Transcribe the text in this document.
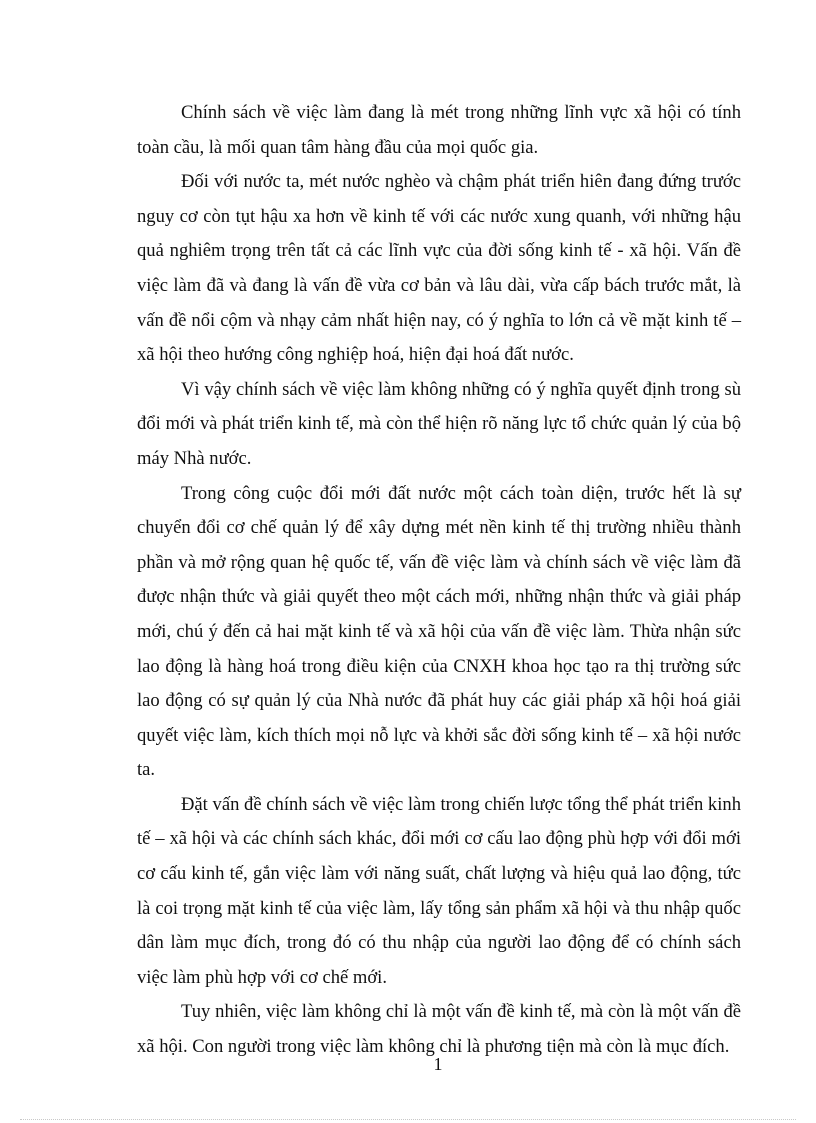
Chính sách về việc làm đang là mét trong những lĩnh vực xã hội có tính toàn cầu, là mối quan tâm hàng đầu của mọi quốc gia.

Đối với nước ta, mét nước nghèo và chậm phát triển hiên đang đứng trước nguy cơ còn tụt hậu xa hơn về kinh tế với các nước xung quanh, với những hậu quả nghiêm trọng trên tất cả các lĩnh vực của đời sống kinh tế - xã hội. Vấn đề việc làm đã và đang là vấn đề vừa cơ bản và lâu dài, vừa cấp bách trước mắt, là vấn đề nổi cộm và nhạy cảm nhất hiện nay, có ý nghĩa to lớn cả về mặt kinh tế – xã hội theo hướng công nghiệp hoá, hiện đại hoá đất nước.

Vì vậy chính sách về việc làm không những có ý nghĩa quyết định trong sù đổi mới và phát triển kinh tế, mà còn thể hiện rõ năng lực tổ chức quản lý của bộ máy Nhà nước.

Trong công cuộc đổi mới đất nước một cách toàn diện, trước hết là sự chuyển đổi cơ chế quản lý để xây dựng mét nền kinh tế thị trường nhiều thành phần và mở rộng quan hệ quốc tế, vấn đề việc làm và chính sách về việc làm đã được nhận thức và giải quyết theo một cách mới, những nhận thức và giải pháp mới, chú ý đến cả hai mặt kinh tế và xã hội của vấn đề việc làm. Thừa nhận sức lao động là hàng hoá trong điều kiện của CNXH khoa học tạo ra thị trường sức lao động có sự quản lý của Nhà nước đã phát huy các giải pháp xã hội hoá giải quyết việc làm, kích thích mọi nỗ lực và khởi sắc đời sống kinh tế – xã hội nước ta.

Đặt vấn đề chính sách về việc làm trong chiến lược tổng thể phát triển kinh tế – xã hội và các chính sách khác, đổi mới cơ cấu lao động phù hợp với đổi mới cơ cấu kinh tế, gắn việc làm với năng suất, chất lượng và hiệu quả lao động, tức là coi trọng mặt kinh tế của việc làm, lấy tổng sản phẩm xã hội và thu nhập quốc dân làm mục đích, trong đó có thu nhập của người lao động để có chính sách việc làm phù hợp với cơ chế mới.

Tuy nhiên, việc làm không chỉ là một vấn đề kinh tế, mà còn là một vấn đề xã hội. Con người trong việc làm không chỉ là phương tiện mà còn là mục đích.

1
